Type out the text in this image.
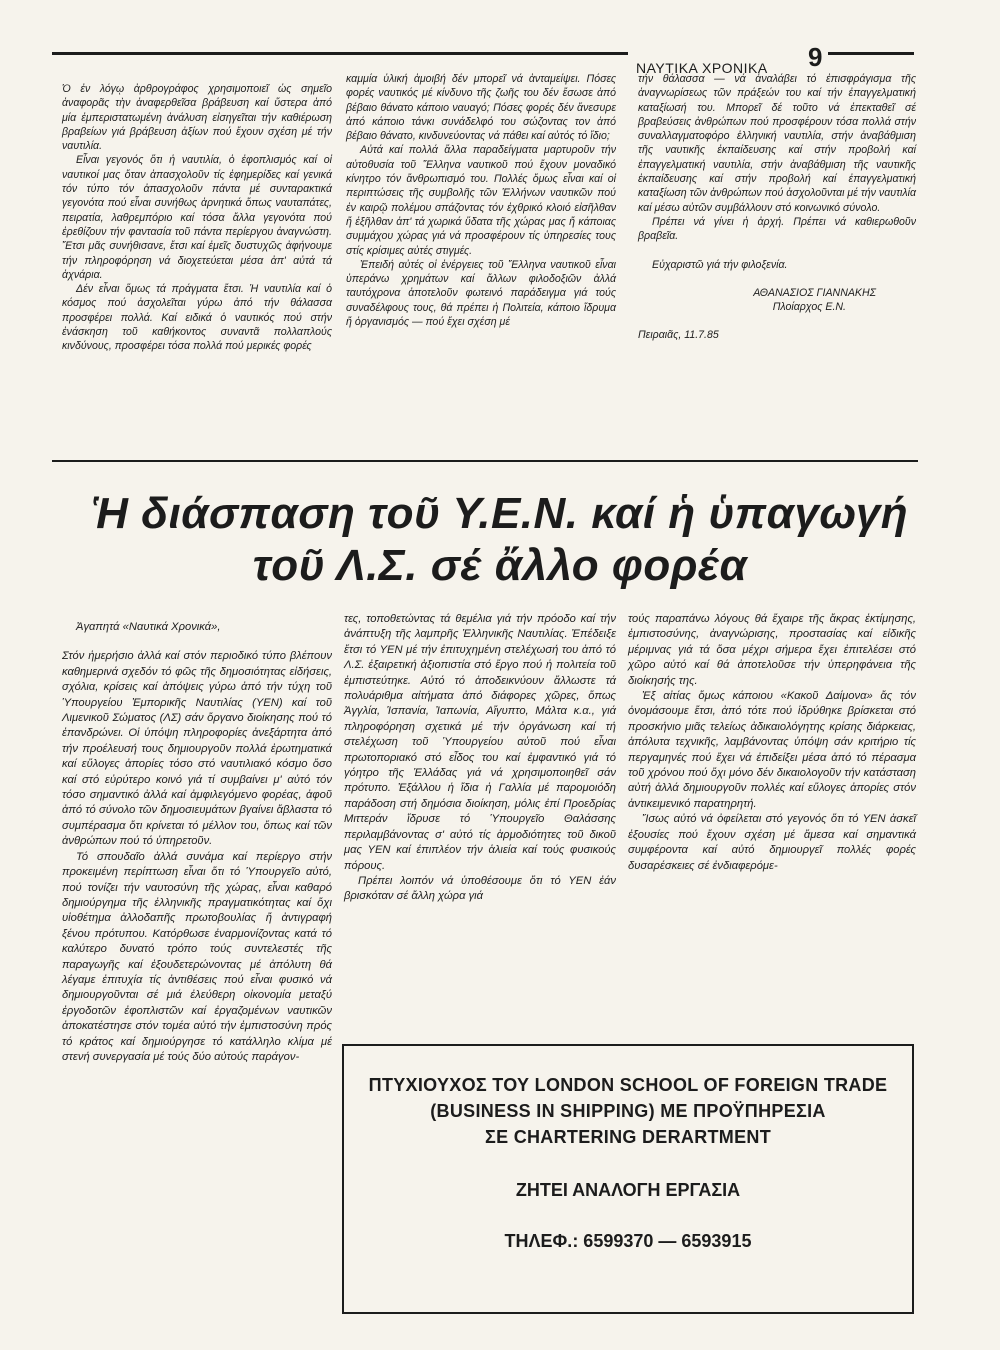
ΝΑΥΤΙΚΑ ΧΡΟΝΙΚΑ 9

Ὁ ἐν λόγῳ ἀρθρογράφος χρησιμοποιεῖ ὡς σημεῖο ἀναφορᾶς τὴν ἀναφερθεῖσα βράβευση καί ὕστερα ἀπό μία ἐμπεριστατωμένη ἀνάλυση εἰσηγεῖται τήν καθιέρωση βραβείων γιά βράβευση ἀξίων πού ἔχουν σχέση μέ τήν ναυτιλία.

Εἶναι γεγονός ὅτι ἡ ναυτιλία, ὁ ἐφοπλισμός καί οἱ ναυτικοί μας ὅταν ἀπασχολοῦν τίς ἐφημερίδες καί γενικά τόν τύπο τόν ἀπασχολοῦν πάντα μέ συνταρακτικά γεγονότα πού εἶναι συνήθως ἀρνητικά ὅπως ναυταπάτες, πειρατία, λαθρεμπόριο καί τόσα ἄλλα γεγονότα πού ἐρεθίζουν τήν φαντασία τοῦ πάντα περίεργου ἀναγνώστη. Ἔτσι μᾶς συνήθισανε, ἔτσι καί ἐμεῖς δυστυχῶς ἀφήνουμε τήν πληροφόρηση νά διοχετεύεται μέσα ἀπ' αὐτά τά ἀχνάρια.

Δέν εἶναι ὅμως τά πράγματα ἔτσι. Ἡ ναυτιλία καί ὁ κόσμος πού ἀσχολεῖται γύρω ἀπό τήν θάλασσα προσφέρει πολλά. Καί ειδικά ὁ ναυτικός πού στήν ἐνάσκηση τοῦ καθήκοντος συναντᾶ πολλαπλούς κινδύνους, προσφέρει τόσα πολλά πού μερικές φορές

καμμία ὑλική ἀμοιβή δέν μπορεῖ νά ἀνταμείψει. Πόσες φορές ναυτικός μέ κίνδυνο τῆς ζωῆς του δέν ἔσωσε ἀπό βέβαιο θάνατο κάποιο ναυαγό; Πόσες φορές δέν ἄνεσυρε ἀπό κάποιο τάνκι συνάδελφό του σώζοντας τον ἀπό βέβαιο θάνατο, κινδυνεύοντας νά πάθει καί αὐτός τό ἴδιο;

Αὐτά καί πολλά ἄλλα παραδείγματα μαρτυροῦν τήν αὐτοθυσία τοῦ Ἕλληνα ναυτικοῦ πού ἔχουν μοναδικό κίνητρο τόν ἄνθρωπισμό του. Πολλές ὅμως εἶναι καί οἱ περιπτώσεις τῆς συμβολῆς τῶν Ἑλλήνων ναυτικῶν πού ἐν καιρῷ πολέμου σπάζοντας τόν ἐχθρικό κλοιό εἰσῆλθαν ἤ ἐξῆλθαν ἀπ' τά χωρικά ὕδατα τῆς χώρας μας ἤ κάποιας συμμάχου χώρας γιά νά προσφέρουν τίς ὑπηρεσίες τους στίς κρίσιμες αὐτές στιγμές.

Ἐπειδή αὐτές οἱ ἐνέργειες τοῦ Ἕλληνα ναυτικοῦ εἶναι ὑπεράνω χρημάτων καί ἄλλων φιλοδοξιῶν ἀλλά ταυτόχρονα ἀποτελοῦν φωτεινό παράδειγμα γιά τούς συναδέλφους τους, θά πρέπει ἡ Πολιτεία, κάποιο ἵδρυμα ἤ ὀργανισμός — πού ἔχει σχέση μέ

τήν θάλασσα — νά ἀναλάβει τό ἐπισφράγισμα τῆς ἀναγνωρίσεως τῶν πράξεών του καί τήν ἐπαγγελματική καταξίωσή του. Μπορεῖ δέ τοῦτο νά ἐπεκταθεῖ σέ βραβεύσεις ἀνθρώπων πού προσφέρουν τόσα πολλά στήν συναλλαγματοφόρο ἑλληνική ναυτιλία, στήν ἀναβάθμιση τῆς ναυτικῆς ἐκπαίδευσης καί στήν προβολή καί ἐπαγγελματική ναυτιλία, στήν ἀναβάθμιση τῆς ναυτικῆς ἐκπαίδευσης καί στήν προβολή καί ἐπαγγελματική καταξίωση τῶν ἀνθρώπων πού ἀσχολοῦνται μέ τήν ναυτιλία καί μέσω αὐτῶν συμβάλλουν στό κοινωνικό σύνολο.

Πρέπει νά γίνει ἡ ἀρχή. Πρέπει νά καθιερωθοῦν βραβεῖα.

Εὐχαριστῶ γιά τήν φιλοξενία.

ΑΘΑΝΑΣΙΟΣ ΓΙΑΝΝΑΚΗΣ

Πλοίαρχος Ε.Ν.

Πειραιᾶς, 11.7.85

Ἡ διάσπαση τοῦ Υ.Ε.Ν. καί ἡ ὑπαγωγή
τοῦ Λ.Σ. σέ ἄλλο φορέα

Ἀγαπητά «Ναυτικά Χρονικά»,

Στόν ἡμερήσιο ἀλλά καί στόν περιοδικό τύπο βλέπουν καθημερινά σχεδόν τό φῶς τῆς δημοσιότητας εἰδήσεις, σχόλια, κρίσεις καί ἀπόψεις γύρω ἀπό τήν τύχη τοῦ Ὑπουργείου Ἐμπορικῆς Ναυτιλίας (ΥΕΝ) καί τοῦ Λιμενικοῦ Σώματος (ΛΣ) σάν ὄργανο διοίκησης πού τό ἐπανδρώνει. Οἱ ὑπόψη πληροφορίες ἀνεξάρτητα ἀπό τήν προέλευσή τους δημιουργοῦν πολλά ἐρωτηματικά καί εὔλογες ἀπορίες τόσο στό ναυτιλιακό κόσμο ὅσο καί στό εὐρύτερο κοινό γιά τί συμβαίνει μ' αὐτό τόν τόσο σημαντικό ἀλλά καί ἀμφιλεγόμενο φορέας, ἀφοῦ ἀπό τό σύνολο τῶν δημοσιευμάτων βγαίνει ἄβλαστα τό συμπέρασμα ὅτι κρίνεται τό μέλλον του, ὅπως καί τῶν ἀνθρώπων πού τό ὑπηρετοῦν.

Τό σπουδαῖο ἀλλά συνάμα καί περίεργο στήν προκειμένη περίπτωση εἶναι ὅτι τό Ὑπουργεῖο αὐτό, πού τονίζει τήν ναυτοσύνη τῆς χώρας, εἶναι καθαρό δημιούργημα τῆς ἑλληνικῆς πραγματικότητας καί ὄχι υἱοθέτημα ἀλλοδαπῆς πρωτοβουλίας ἤ ἀντιγραφή ξένου πρότυπου. Κατόρθωσε ἐναρμονίζοντας κατά τό καλύτερο δυνατό τρόπο τούς συντελεστές τῆς παραγωγῆς καί ἐξουδετερώνοντας μέ ἀπόλυτη θά λέγαμε ἐπιτυχία τίς ἀντιθέσεις πού εἶναι φυσικό νά δημιουργοῦνται σέ μιά ἐλεύθερη οἰκονομία μεταξύ ἐργοδοτῶν ἐφοπλιστῶν καί ἐργαζομένων ναυτικῶν ἀποκατέστησε στόν τομέα αὐτό τήν ἐμπιστοσύνη πρός τό κράτος καί δημιούργησε τό κατάλληλο κλίμα μέ στενή συνεργασία μέ τούς δύο αὐτούς παράγον-

τες, τοποθετώντας τά θεμέλια γιά τήν πρόοδο καί τήν ἀνάπτυξη τῆς λαμπρῆς Ἑλληνικῆς Ναυτιλίας. Ἐπέδειξε ἔτσι τό ΥΕΝ μέ τήν ἐπιτυχημένη στελέχωσή του ἀπό τό Λ.Σ. ἐξαιρετική ἀξιοπιστία στό ἔργο πού ἡ πολιτεία τοῦ ἐμπιστεύτηκε. Αὐτό τό ἀποδεικνύουν ἄλλωστε τά πολυάριθμα αἰτήματα ἀπό διάφορες χῶρες, ὅπως Ἀγγλία, Ἱσπανία, Ἰαπωνία, Αἴγυπτο, Μάλτα κ.α., γιά πληροφόρηση σχετικά μέ τήν ὀργάνωση καί τή στελέχωση τοῦ Ὑπουργείου αὐτοῦ πού εἶναι πρωτοποριακό στό εἶδος του καί ἐμφαντικό γιά τό γόητρο τῆς Ἑλλάδας γιά νά χρησιμοποιηθεῖ σάν πρότυπο. Ἐξάλλου ἡ ἴδια ἡ Γαλλία μέ παρομοιόδη παράδοση στή δημόσια διοίκηση, μόλις ἐπί Προεδρίας Μιττεράν ἵδρυσε τό Ὑπουργεῖο Θαλάσσης περιλαμβάνοντας σ' αὐτό τίς ἁρμοδιότητες τοῦ δικοῦ μας ΥΕΝ καί ἐπιπλέον τήν ἁλιεία καί τούς φυσικούς πόρους.

Πρέπει λοιπόν νά ὑποθέσουμε ὅτι τό ΥΕΝ ἐάν βρισκόταν σέ ἄλλη χώρα γιά

τούς παραπάνω λόγους θά ἔχαιρε τῆς ἄκρας ἐκτίμησης, ἐμπιστοσύνης, ἀναγνώρισης, προστασίας καί εἰδικῆς μέριμνας γιά τά ὅσα μέχρι σήμερα ἔχει ἐπιτελέσει στό χῶρο αὐτό καί θά ἀποτελοῦσε τήν ὑπερηφάνεια τῆς διοίκησής της.

Ἐξ αἰτίας ὅμως κάποιου «Κακοῦ Δαίμονα» ἄς τόν ὀνομάσουμε ἔτσι, ἀπό τότε πού ἱδρύθηκε βρίσκεται στό προσκήνιο μιᾶς τελείως ἀδικαιολόγητης κρίσης διάρκειας, ἀπόλυτα τεχνικῆς, λαμβάνοντας ὑπόψη σάν κριτήριο τίς περγαμηνές πού ἔχει νά ἐπιδείξει μέσα ἀπό τό πέρασμα τοῦ χρόνου πού ὄχι μόνο δέν δικαιολογοῦν τήν κατάσταση αὐτή ἀλλά δημιουργοῦν πολλές καί εὔλογες ἀπορίες στόν ἀντικειμενικό παρατηρητή.

Ἴσως αὐτό νά ὀφείλεται στό γεγονός ὅτι τό ΥΕΝ ἀσκεῖ ἐξουσίες πού ἔχουν σχέση μέ ἄμεσα καί σημαντικά συμφέροντα καί αὐτό δημιουργεῖ πολλές φορές δυσαρέσκειες σέ ἐνδιαφερόμε-

ΠΤΥΧΙΟΥΧΟΣ ΤΟΥ LONDON SCHOOL OF FOREIGN TRADE
(BUSINESS IN SHIPPING) ΜΕ ΠΡΟΫΠΗΡΕΣΙΑ
ΣΕ CHARTERING DERARTMENT
ΖΗΤΕΙ ΑΝΑΛΟΓΗ ΕΡΓΑΣΙΑ
ΤΗΛΕΦ.: 6599370 — 6593915
